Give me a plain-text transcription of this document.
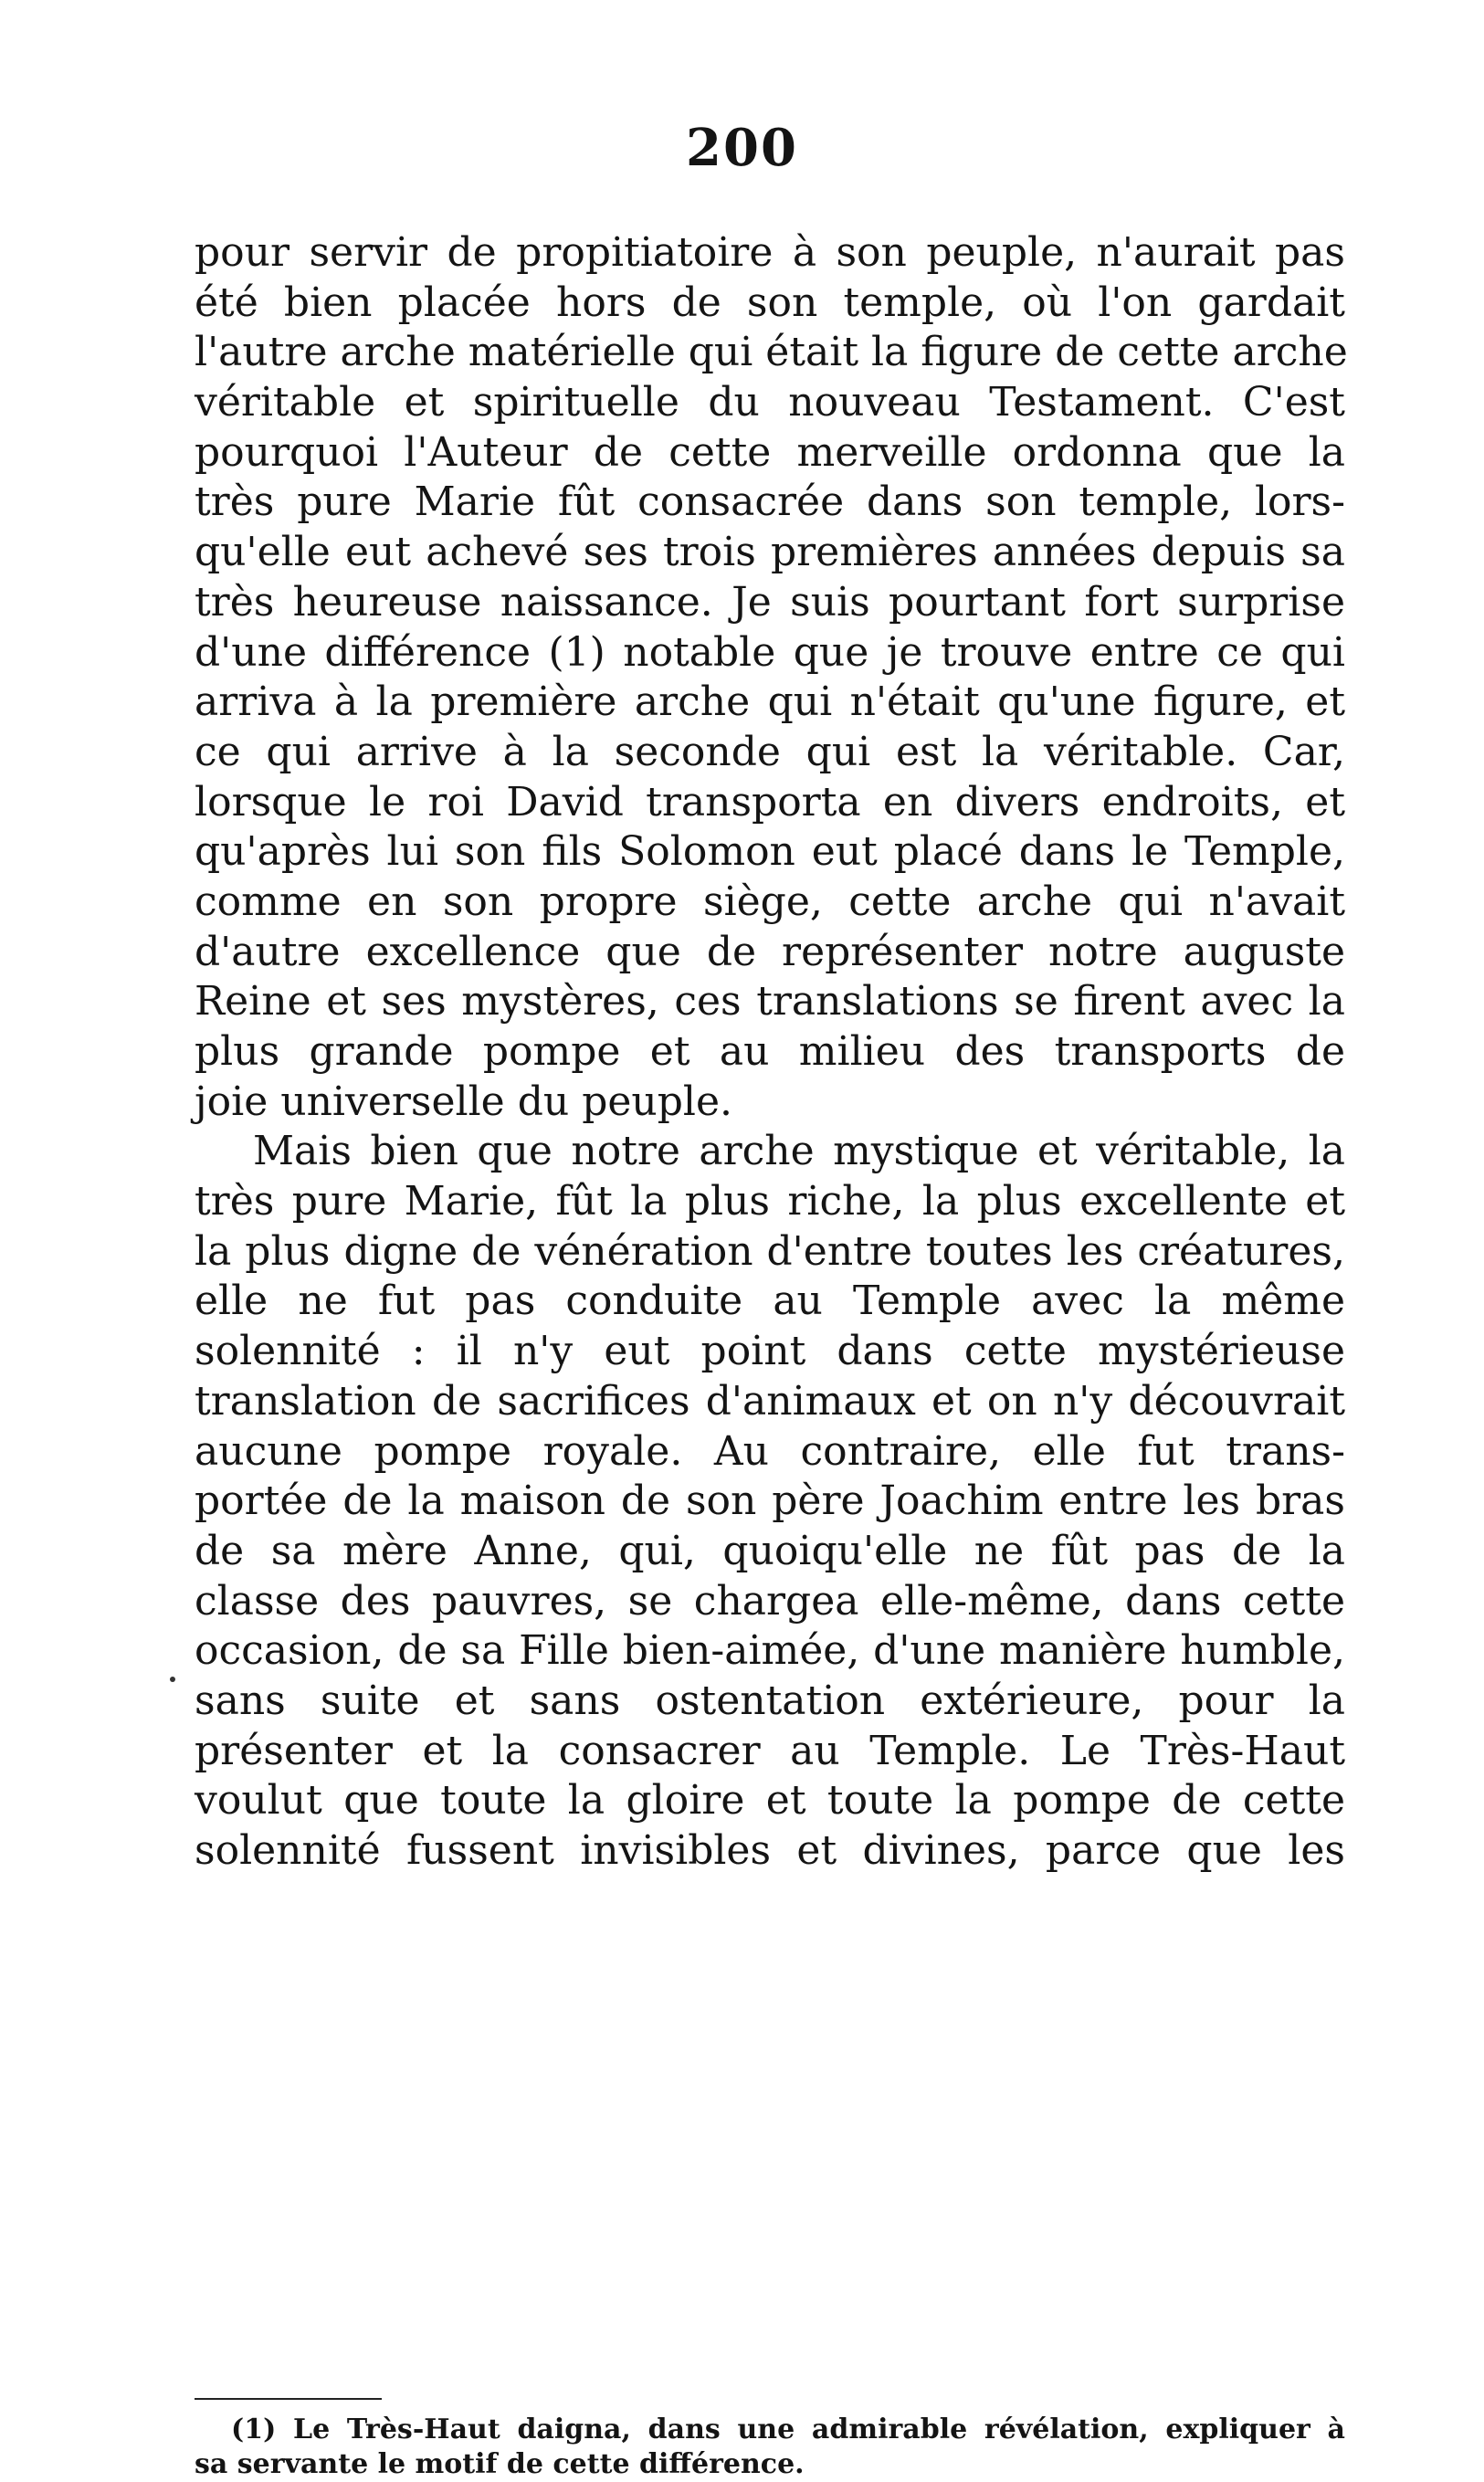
200
pour servir de propitiatoire à son peuple, n'aurait pas
été bien placée hors de son temple, où l'on gardait
l'autre arche matérielle qui était la figure de cette arche
véritable et spirituelle du nouveau Testament. C'est
pourquoi l'Auteur de cette merveille ordonna que la
très pure Marie fût consacrée dans son temple, lors-
qu'elle eut achevé ses trois premières années depuis sa
très heureuse naissance. Je suis pourtant fort surprise
d'une différence (1) notable que je trouve entre ce qui
arriva à la première arche qui n'était qu'une figure, et
ce qui arrive à la seconde qui est la véritable. Car,
lorsque le roi David transporta en divers endroits, et
qu'après lui son fils Solomon eut placé dans le Temple,
comme en son propre siège, cette arche qui n'avait
d'autre excellence que de représenter notre auguste
Reine et ses mystères, ces translations se firent avec la
plus grande pompe et au milieu des transports de
joie universelle du peuple.
Mais bien que notre arche mystique et véritable, la
très pure Marie, fût la plus riche, la plus excellente et
la plus digne de vénération d'entre toutes les créatures,
elle ne fut pas conduite au Temple avec la même
solennité : il n'y eut point dans cette mystérieuse
translation de sacrifices d'animaux et on n'y découvrait
aucune pompe royale. Au contraire, elle fut trans-
portée de la maison de son père Joachim entre les bras
de sa mère Anne, qui, quoiqu'elle ne fût pas de la
classe des pauvres, se chargea elle-même, dans cette
occasion, de sa Fille bien-aimée, d'une manière humble,
sans suite et sans ostentation extérieure, pour la
présenter et la consacrer au Temple. Le Très-Haut
voulut que toute la gloire et toute la pompe de cette
solennité fussent invisibles et divines, parce que les
(1) Le Très-Haut daigna, dans une admirable révélation, expliquer à
sa servante le motif de cette différence.
